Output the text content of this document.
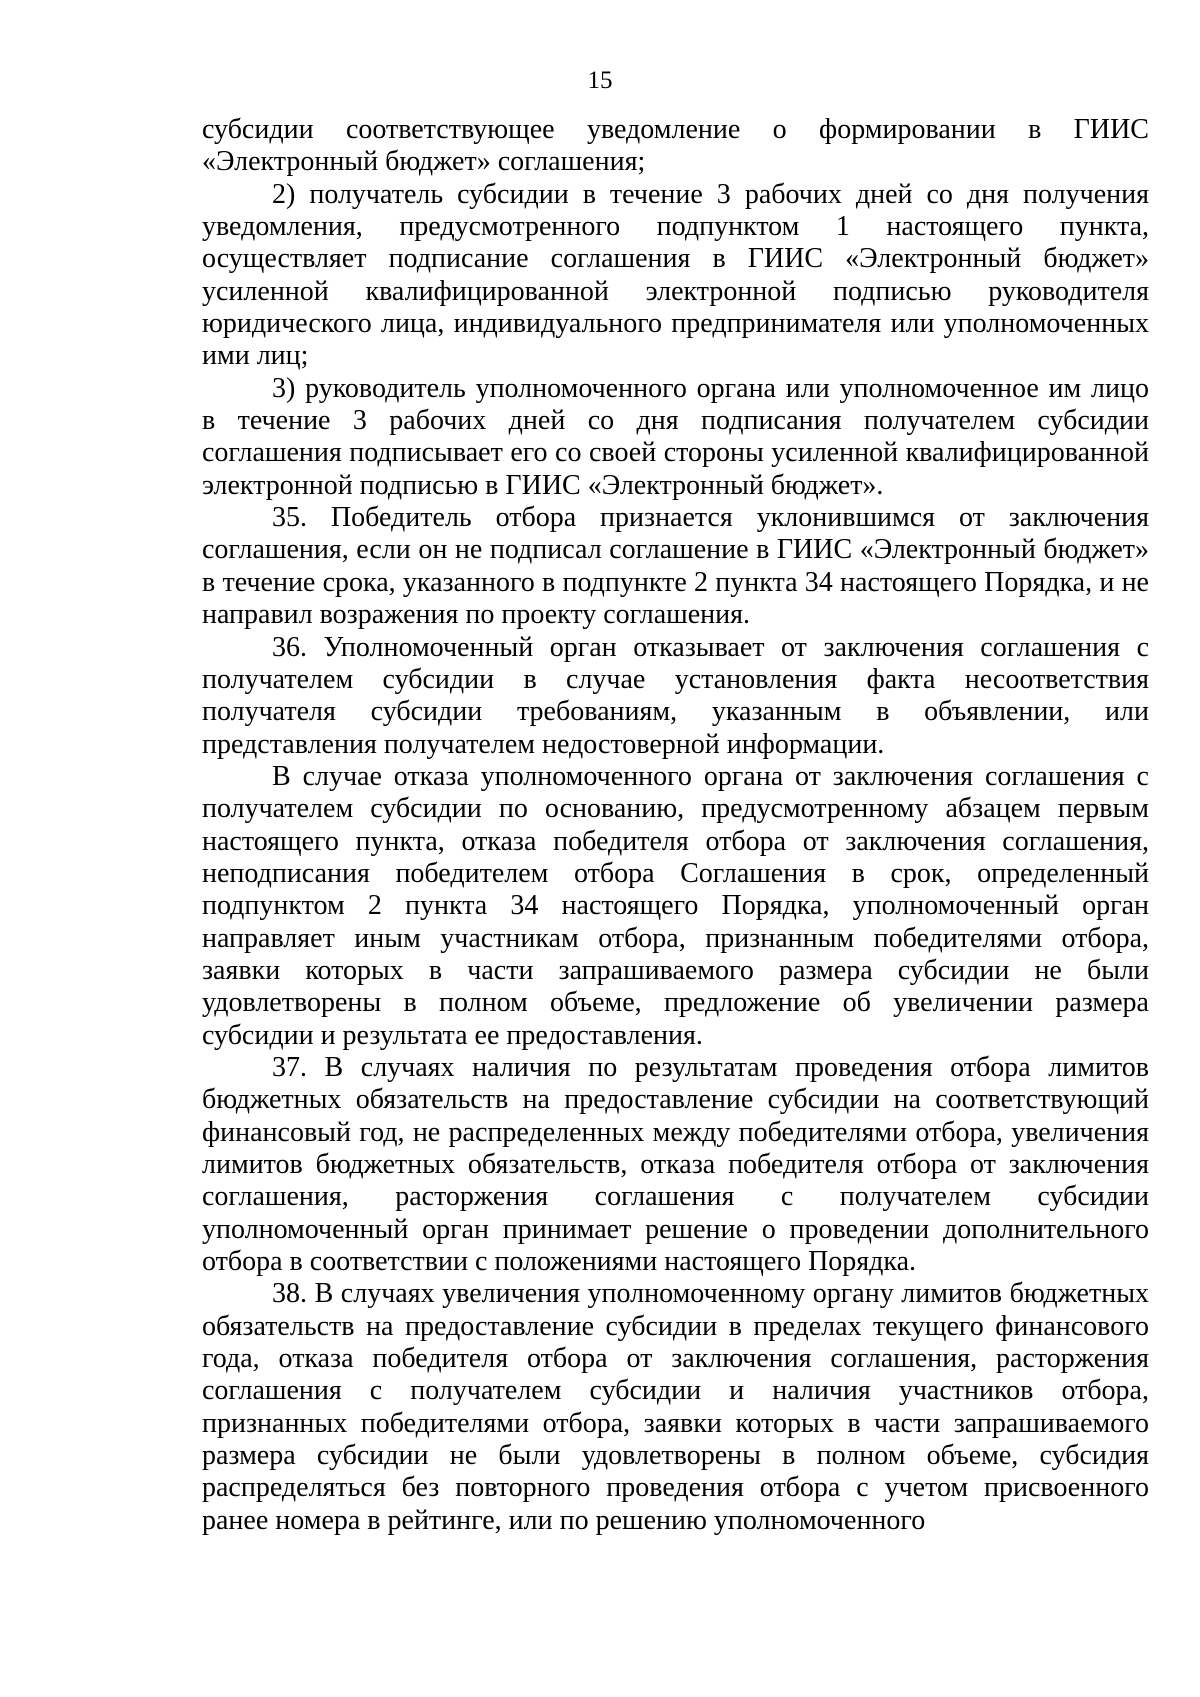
15

субсидии соответствующее уведомление о формировании в ГИИС «Электронный бюджет» соглашения;

2) получатель субсидии в течение 3 рабочих дней со дня получения уведомления, предусмотренного подпунктом 1 настоящего пункта, осуществляет подписание соглашения в ГИИС «Электронный бюджет» усиленной квалифицированной электронной подписью руководителя юридического лица, индивидуального предпринимателя или уполномоченных ими лиц;

3) руководитель уполномоченного органа или уполномоченное им лицо в течение 3 рабочих дней со дня подписания получателем субсидии соглашения подписывает его со своей стороны усиленной квалифицированной электронной подписью в ГИИС «Электронный бюджет».

35. Победитель отбора признается уклонившимся от заключения соглашения, если он не подписал соглашение в ГИИС «Электронный бюджет» в течение срока, указанного в подпункте 2 пункта 34 настоящего Порядка, и не направил возражения по проекту соглашения.

36. Уполномоченный орган отказывает от заключения соглашения с получателем субсидии в случае установления факта несоответствия получателя субсидии требованиям, указанным в объявлении, или представления получателем недостоверной информации.

В случае отказа уполномоченного органа от заключения соглашения с получателем субсидии по основанию, предусмотренному абзацем первым настоящего пункта, отказа победителя отбора от заключения соглашения, неподписания победителем отбора Соглашения в срок, определенный подпунктом 2 пункта 34 настоящего Порядка, уполномоченный орган направляет иным участникам отбора, признанным победителями отбора, заявки которых в части запрашиваемого размера субсидии не были удовлетворены в полном объеме, предложение об увеличении размера субсидии и результата ее предоставления.

37. В случаях наличия по результатам проведения отбора лимитов бюджетных обязательств на предоставление субсидии на соответствующий финансовый год, не распределенных между победителями отбора, увеличения лимитов бюджетных обязательств, отказа победителя отбора от заключения соглашения, расторжения соглашения с получателем субсидии уполномоченный орган принимает решение о проведении дополнительного отбора в соответствии с положениями настоящего Порядка.

38. В случаях увеличения уполномоченному органу лимитов бюджетных обязательств на предоставление субсидии в пределах текущего финансового года, отказа победителя отбора от заключения соглашения, расторжения соглашения с получателем субсидии и наличия участников отбора, признанных победителями отбора, заявки которых в части запрашиваемого размера субсидии не были удовлетворены в полном объеме, субсидия распределяться без повторного проведения отбора с учетом присвоенного ранее номера в рейтинге, или по решению уполномоченного
